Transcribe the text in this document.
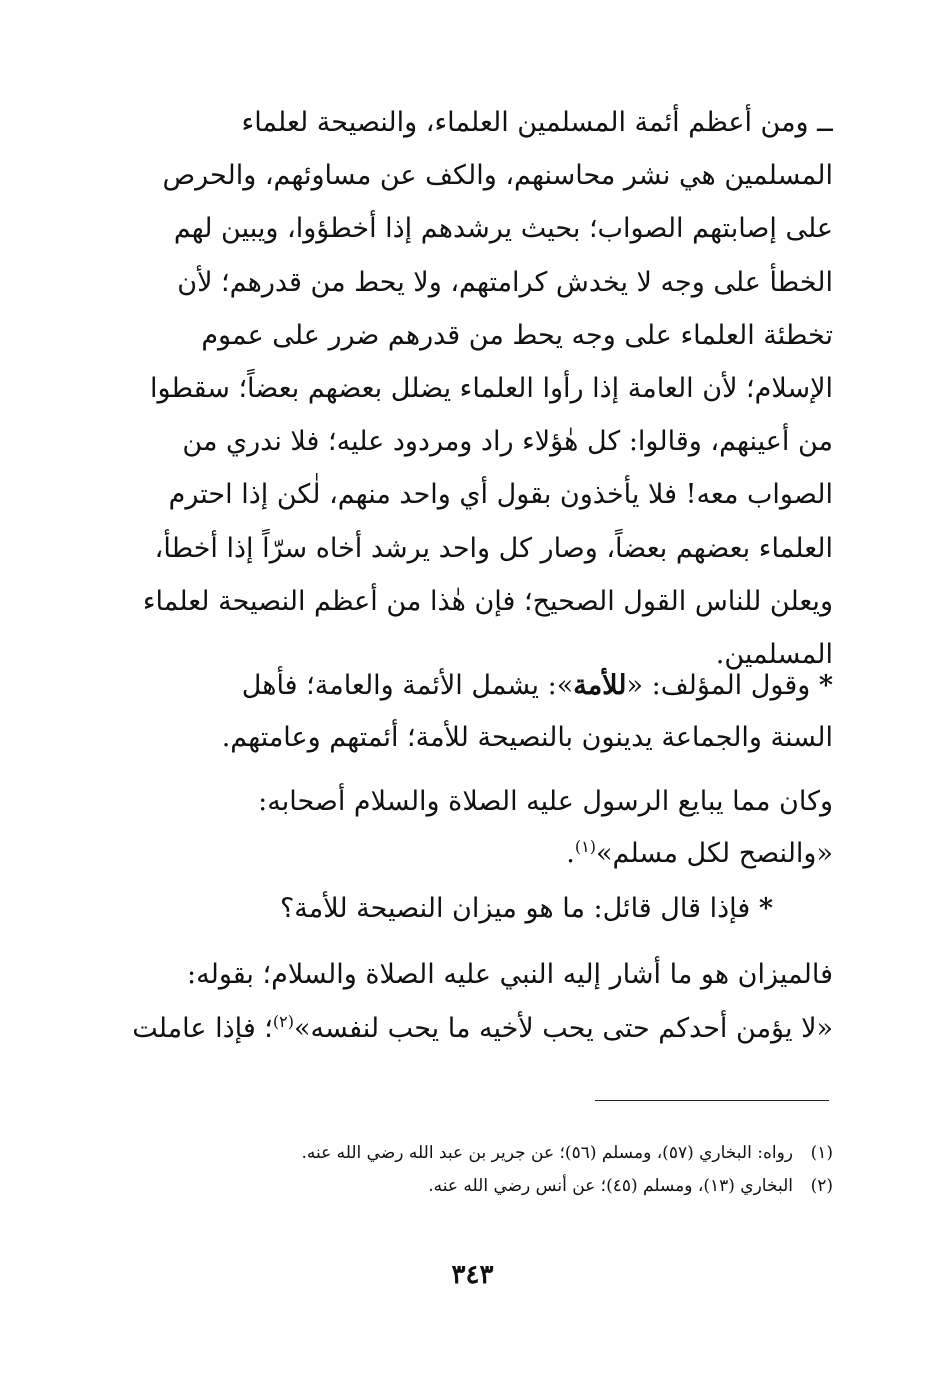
ــ ومن أعظم أئمة المسلمين العلماء، والنصيحة لعلماء
المسلمين هي نشر محاسنهم، والكف عن مساوئهم، والحرص
على إصابتهم الصواب؛ بحيث يرشدهم إذا أخطؤوا، ويبين لهم
الخطأ على وجه لا يخدش كرامتهم، ولا يحط من قدرهم؛ لأن
تخطئة العلماء على وجه يحط من قدرهم ضرر على عموم
الإسلام؛ لأن العامة إذا رأوا العلماء يضلل بعضهم بعضاً؛ سقطوا
من أعينهم، وقالوا: كل هٰؤلاء راد ومردود عليه؛ فلا ندري من
الصواب معه! فلا يأخذون بقول أي واحد منهم، لٰكن إذا احترم
العلماء بعضهم بعضاً، وصار كل واحد يرشد أخاه سرّاً إذا أخطأ،
ويعلن للناس القول الصحيح؛ فإن هٰذا من أعظم النصيحة لعلماء
المسلمين.
* وقول المؤلف: «للأمة»: يشمل الأئمة والعامة؛ فأهل
السنة والجماعة يدينون بالنصيحة للأمة؛ أئمتهم وعامتهم.
وكان مما يبايع الرسول عليه الصلاة والسلام أصحابه:
«والنصح لكل مسلم»$^{(١)}$.
* فإذا قال قائل: ما هو ميزان النصيحة للأمة؟
فالميزان هو ما أشار إليه النبي عليه الصلاة والسلام؛ بقوله:
«لا يؤمن أحدكم حتى يحب لأخيه ما يحب لنفسه»$^{(٢)}$؛ فإذا عاملت
(١)رواه: البخاري (٥٧)، ومسلم (٥٦)؛ عن جرير بن عبد الله رضي الله عنه.
(٢)البخاري (١٣)، ومسلم (٤٥)؛ عن أنس رضي الله عنه.
٣٤٣
